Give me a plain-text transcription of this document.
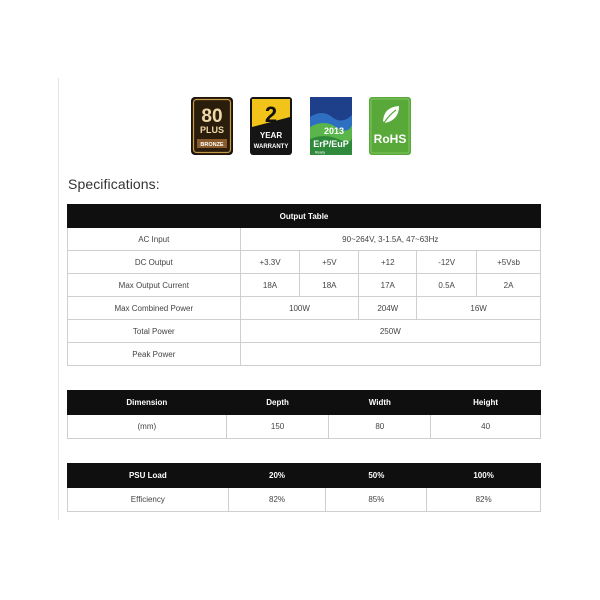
80
PLUS
BRONZE
2
YEAR
WARRANTY
2013
ErP/EuP
Ready
RoHS
Specifications:
Output Table					
AC Input	90~264V, 3-1.5A, 47~63Hz				
DC Output	+3.3V	+5V	+12	-12V	+5Vsb
Max Output Current	18A	18A	17A	0.5A	2A
Max Combined Power	100W		204W	16W	
Total Power	250W				
Peak Power					
Dimension	Depth	Width	Height
(mm)	150	80	40
PSU Load	20%	50%	100%
Efficiency	82%	85%	82%
